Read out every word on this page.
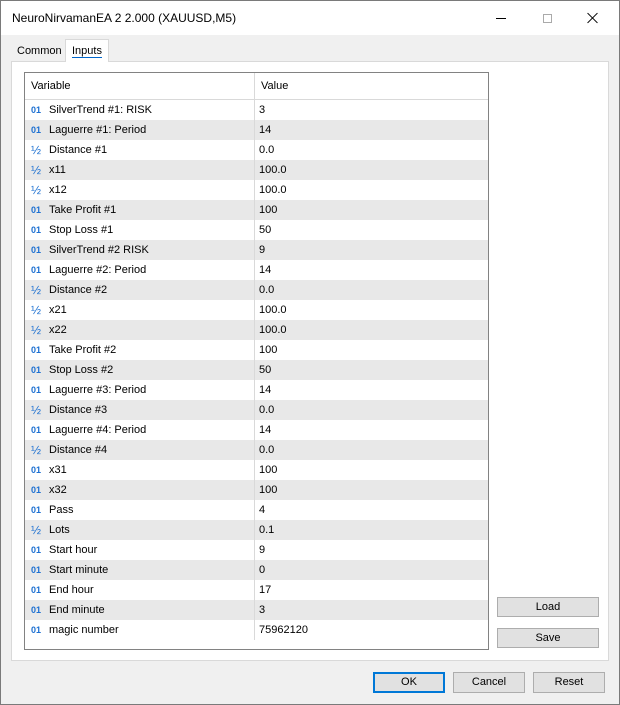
NeuroNirvamanEA 2 2.000 (XAUUSD,M5)
Common Inputs
Variable	Value
01 SilverTrend #1: RISK	3
01 Laguerre #1: Period	14
½ Distance #1	0.0
½ x11	100.0
½ x12	100.0
01 Take Profit #1	100
01 Stop Loss #1	50
01 SilverTrend #2 RISK	9
01 Laguerre #2: Period	14
½ Distance #2	0.0
½ x21	100.0
½ x22	100.0
01 Take Profit #2	100
01 Stop Loss #2	50
01 Laguerre #3: Period	14
½ Distance #3	0.0
01 Laguerre #4: Period	14
½ Distance #4	0.0
01 x31	100
01 x32	100
01 Pass	4
½ Lots	0.1
01 Start hour	9
01 Start minute	0
01 End hour	17
01 End minute	3
01 magic number	75962120
Load
Save
OK	Cancel	Reset
